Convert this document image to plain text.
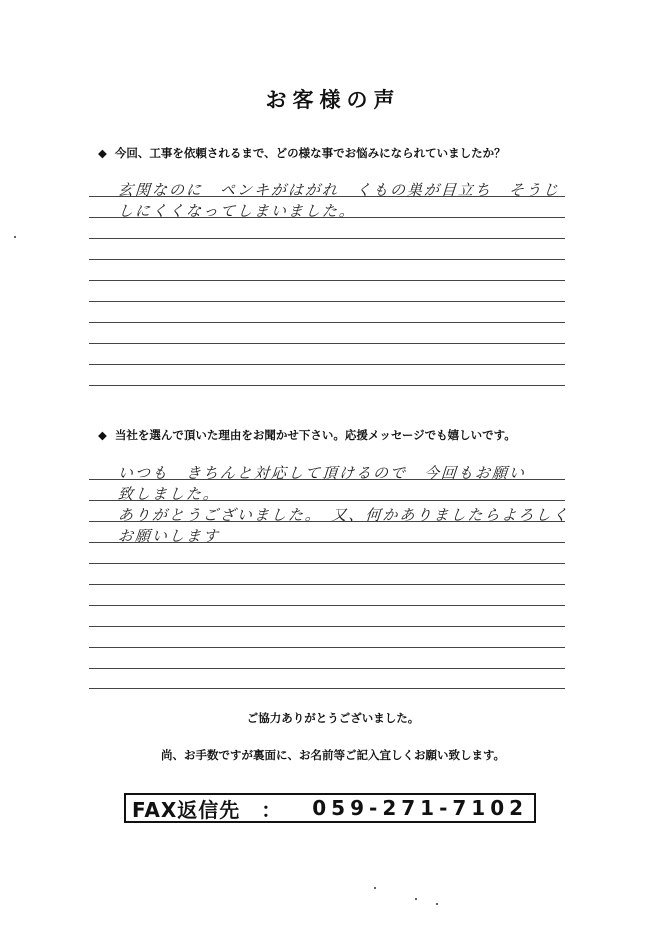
お客様の声
◆ 今回、工事を依頼されるまで、どの様な事でお悩みになられていましたか？
玄関なのに　ペンキがはがれ　くもの巣が目立ち　そうじ
しにくくなってしまいました。
◆ 当社を選んで頂いた理由をお聞かせ下さい。応援メッセージでも嬉しいです。
いつも　きちんと対応して頂けるので　今回もお願い
致しました。
ありがとうございました。　又、何かありましたらよろしく
お願いします
ご協力ありがとうございました。
尚、お手数ですが裏面に、お名前等ご記入宜しくお願い致します。
FAX返信先　： 059-271-7102
